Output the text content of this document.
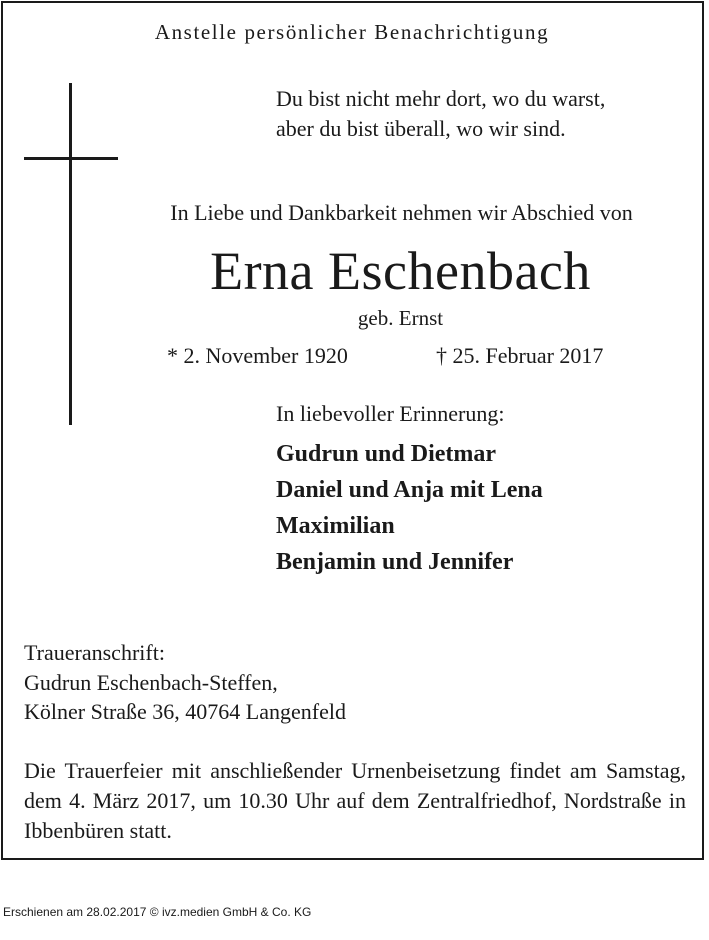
Anstelle persönlicher Benachrichtigung
Du bist nicht mehr dort, wo du warst,
aber du bist überall, wo wir sind.
In Liebe und Dankbarkeit nehmen wir Abschied von
Erna Eschenbach
geb. Ernst
* 2. November 1920	† 25. Februar 2017
In liebevoller Erinnerung:
Gudrun und Dietmar
Daniel und Anja mit Lena
Maximilian
Benjamin und Jennifer
Traueranschrift:
Gudrun Eschenbach-Steffen,
Kölner Straße 36, 40764 Langenfeld
Die Trauerfeier mit anschließender Urnenbeisetzung findet am Samstag, dem 4. März 2017, um 10.30 Uhr auf dem Zentralfriedhof, Nordstraße in Ibbenbüren statt.
Erschienen am 28.02.2017 © ivz.medien GmbH & Co. KG
